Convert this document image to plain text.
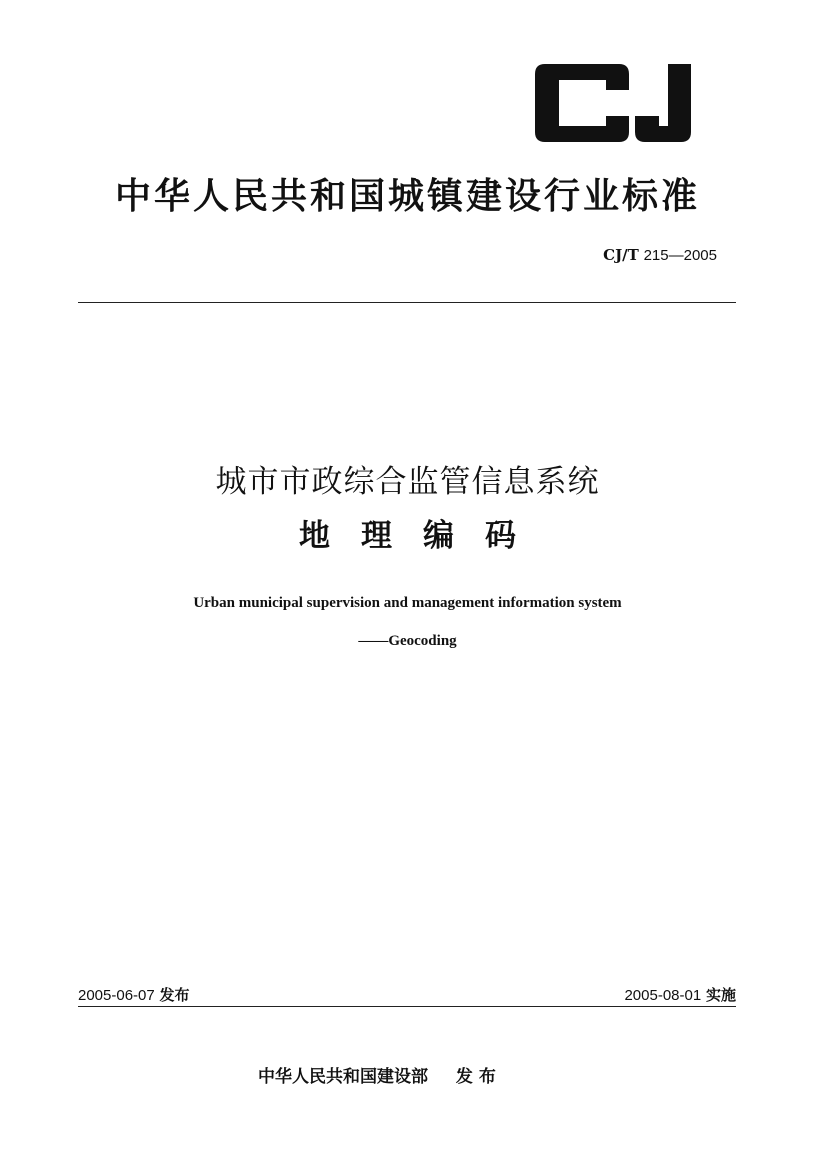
中华人民共和国城镇建设行业标准
CJ/T 215—2005
城市市政综合监管信息系统
地　理　编　码
Urban municipal supervision and management information system
——Geocoding
2005-06-07 发布	2005-08-01 实施
中华人民共和国建设部 发 布
